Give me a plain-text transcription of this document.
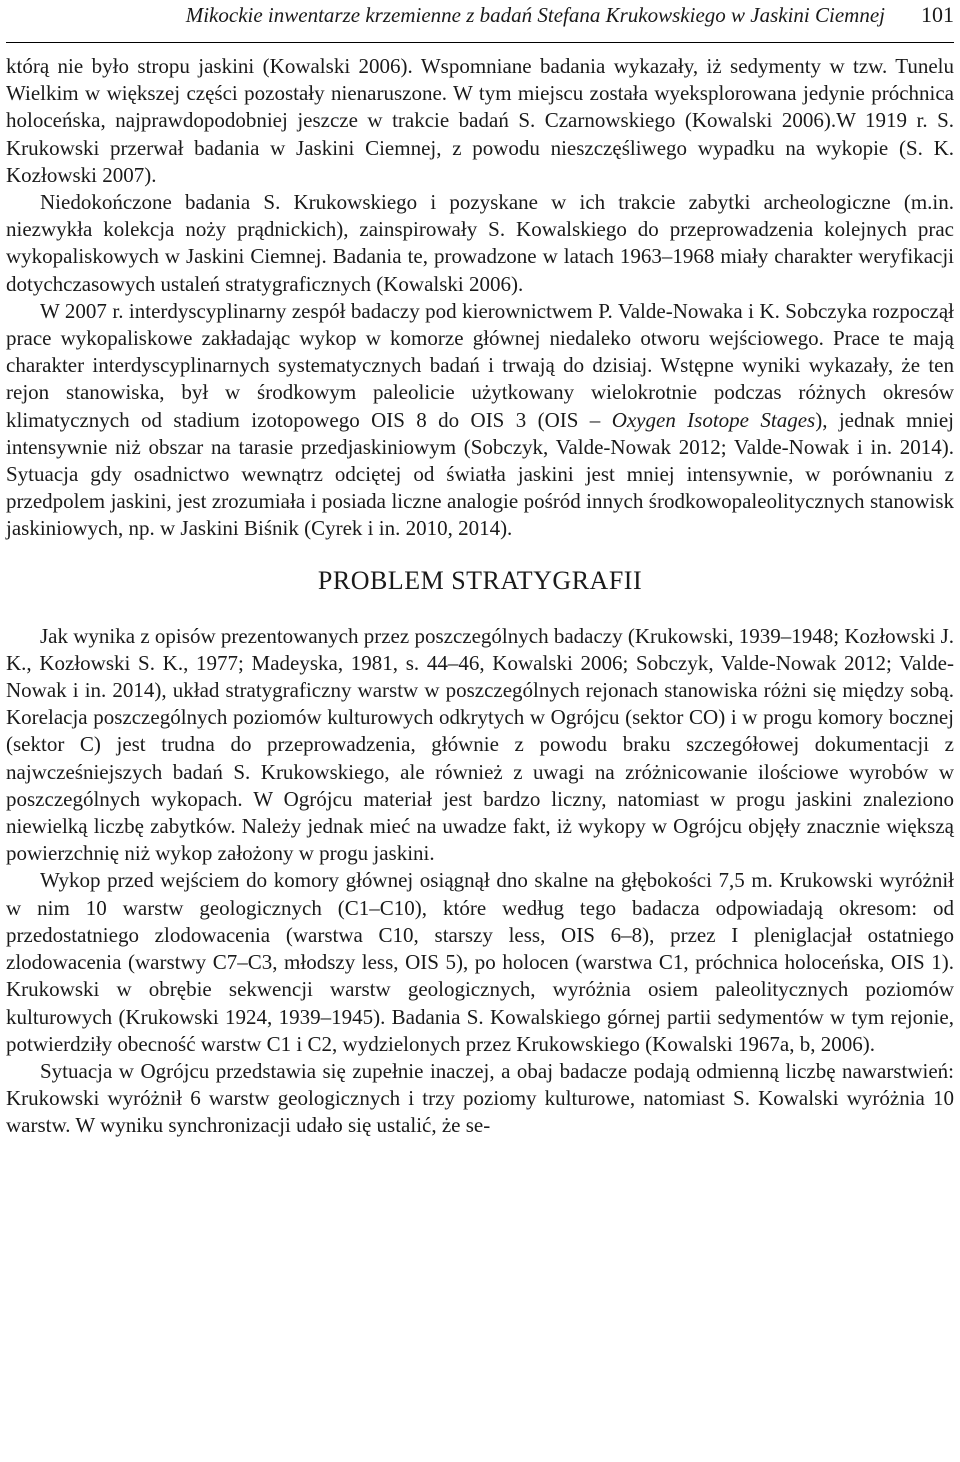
Mikockie inwentarze krzemienne z badań Stefana Krukowskiego w Jaskini Ciemnej 101

którą nie było stropu jaskini (Kowalski 2006). Wspomniane badania wykazały, iż sedymenty w tzw. Tunelu Wielkim w większej części pozostały nienaruszone. W tym miejscu została wyeksplorowana jedynie próchnica holoceńska, najprawdopodobniej jeszcze w trakcie badań S. Czarnowskiego (Kowalski 2006).W 1919 r. S. Krukowski przerwał badania w Jaskini Ciemnej, z powodu nieszczęśliwego wypadku na wykopie (S. K. Kozłowski 2007).

Niedokończone badania S. Krukowskiego i pozyskane w ich trakcie zabytki archeologiczne (m.in. niezwykła kolekcja noży prądnickich), zainspirowały S. Kowalskiego do przeprowadzenia kolejnych prac wykopaliskowych w Jaskini Ciemnej. Badania te, prowadzone w latach 1963–1968 miały charakter weryfikacji dotychczasowych ustaleń stratygraficznych (Kowalski 2006).

W 2007 r. interdyscyplinarny zespół badaczy pod kierownictwem P. Valde-Nowaka i K. Sobczyka rozpoczął prace wykopaliskowe zakładając wykop w komorze głównej niedaleko otworu wejściowego. Prace te mają charakter interdyscyplinarnych systematycznych badań i trwają do dzisiaj. Wstępne wyniki wykazały, że ten rejon stanowiska, był w środkowym paleolicie użytkowany wielokrotnie podczas różnych okresów klimatycznych od stadium izotopowego OIS 8 do OIS 3 (OIS – Oxygen Isotope Stages), jednak mniej intensywnie niż obszar na tarasie przedjaskiniowym (Sobczyk, Valde-Nowak 2012; Valde-Nowak i in. 2014). Sytuacja gdy osadnictwo wewnątrz odciętej od światła jaskini jest mniej intensywnie, w porównaniu z przedpolem jaskini, jest zrozumiała i posiada liczne analogie pośród innych środkowopaleolitycznych stanowisk jaskiniowych, np. w Jaskini Biśnik (Cyrek i in. 2010, 2014).

PROBLEM STRATYGRAFII

Jak wynika z opisów prezentowanych przez poszczególnych badaczy (Krukowski, 1939–1948; Kozłowski J. K., Kozłowski S. K., 1977; Madeyska, 1981, s. 44–46, Kowalski 2006; Sobczyk, Valde-Nowak 2012; Valde-Nowak i in. 2014), układ stratygraficzny warstw w poszczególnych rejonach stanowiska różni się między sobą. Korelacja poszczególnych poziomów kulturowych odkrytych w Ogrójcu (sektor CO) i w progu komory bocznej (sektor C) jest trudna do przeprowadzenia, głównie z powodu braku szczegółowej dokumentacji z najwcześniejszych badań S. Krukowskiego, ale również z uwagi na zróżnicowanie ilościowe wyrobów w poszczególnych wykopach. W Ogrójcu materiał jest bardzo liczny, natomiast w progu jaskini znaleziono niewielką liczbę zabytków. Należy jednak mieć na uwadze fakt, iż wykopy w Ogrójcu objęły znacznie większą powierzchnię niż wykop założony w progu jaskini.

Wykop przed wejściem do komory głównej osiągnął dno skalne na głębokości 7,5 m. Krukowski wyróżnił w nim 10 warstw geologicznych (C1–C10), które według tego badacza odpowiadają okresom: od przedostatniego zlodowacenia (warstwa C10, starszy less, OIS 6–8), przez I pleniglacjał ostatniego zlodowacenia (warstwy C7–C3, młodszy less, OIS 5), po holocen (warstwa C1, próchnica holoceńska, OIS 1). Krukowski w obrębie sekwencji warstw geologicznych, wyróżnia osiem paleolitycznych poziomów kulturowych (Krukowski 1924, 1939–1945). Badania S. Kowalskiego górnej partii sedymentów w tym rejonie, potwierdziły obecność warstw C1 i C2, wydzielonych przez Krukowskiego (Kowalski 1967a, b, 2006).

Sytuacja w Ogrójcu przedstawia się zupełnie inaczej, a obaj badacze podają odmienną liczbę nawarstwień: Krukowski wyróżnił 6 warstw geologicznych i trzy poziomy kulturowe, natomiast S. Kowalski wyróżnia 10 warstw. W wyniku synchronizacji udało się ustalić, że se-
